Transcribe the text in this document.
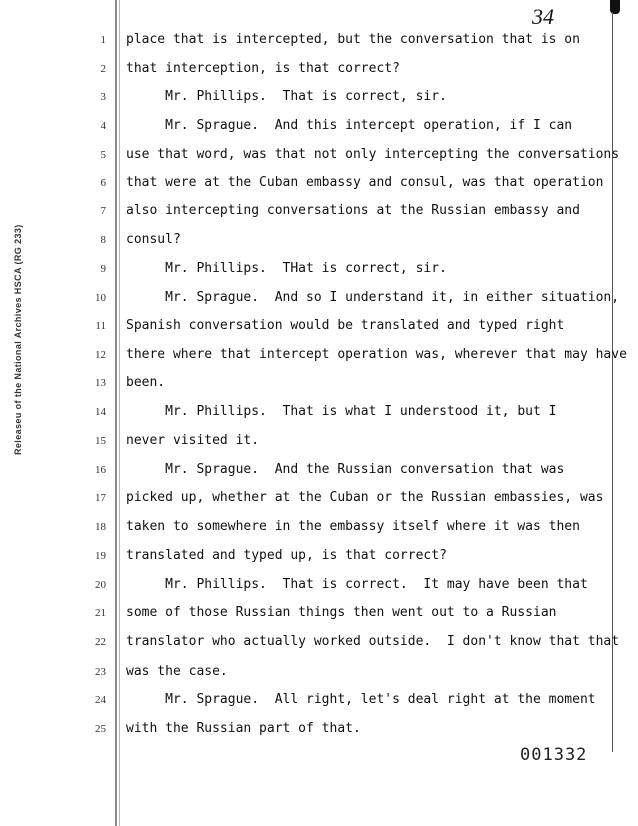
Releaseu of the National Archives HSCA (RG 233)
34
1 place that is intercepted, but the conversation that is on
2 that interception, is that correct?
3 Mr. Phillips.  That is correct, sir.
4 Mr. Sprague.  And this intercept operation, if I can
5 use that word, was that not only intercepting the conversations
6 that were at the Cuban embassy and consul, was that operation
7 also intercepting conversations at the Russian embassy and
8 consul?
9 Mr. Phillips.  THat is correct, sir.
10 Mr. Sprague.  And so I understand it, in either situation,
11 Spanish conversation would be translated and typed right
12 there where that intercept operation was, wherever that may have
13 been.
14 Mr. Phillips.  That is what I understood it, but I
15 never visited it.
16 Mr. Sprague.  And the Russian conversation that was
17 picked up, whether at the Cuban or the Russian embassies, was
18 taken to somewhere in the embassy itself where it was then
19 translated and typed up, is that correct?
20 Mr. Phillips.  That is correct.  It may have been that
21 some of those Russian things then went out to a Russian
22 translator who actually worked outside.  I don't know that that
23 was the case.
24 Mr. Sprague.  All right, let's deal right at the moment
25 with the Russian part of that.
001332
